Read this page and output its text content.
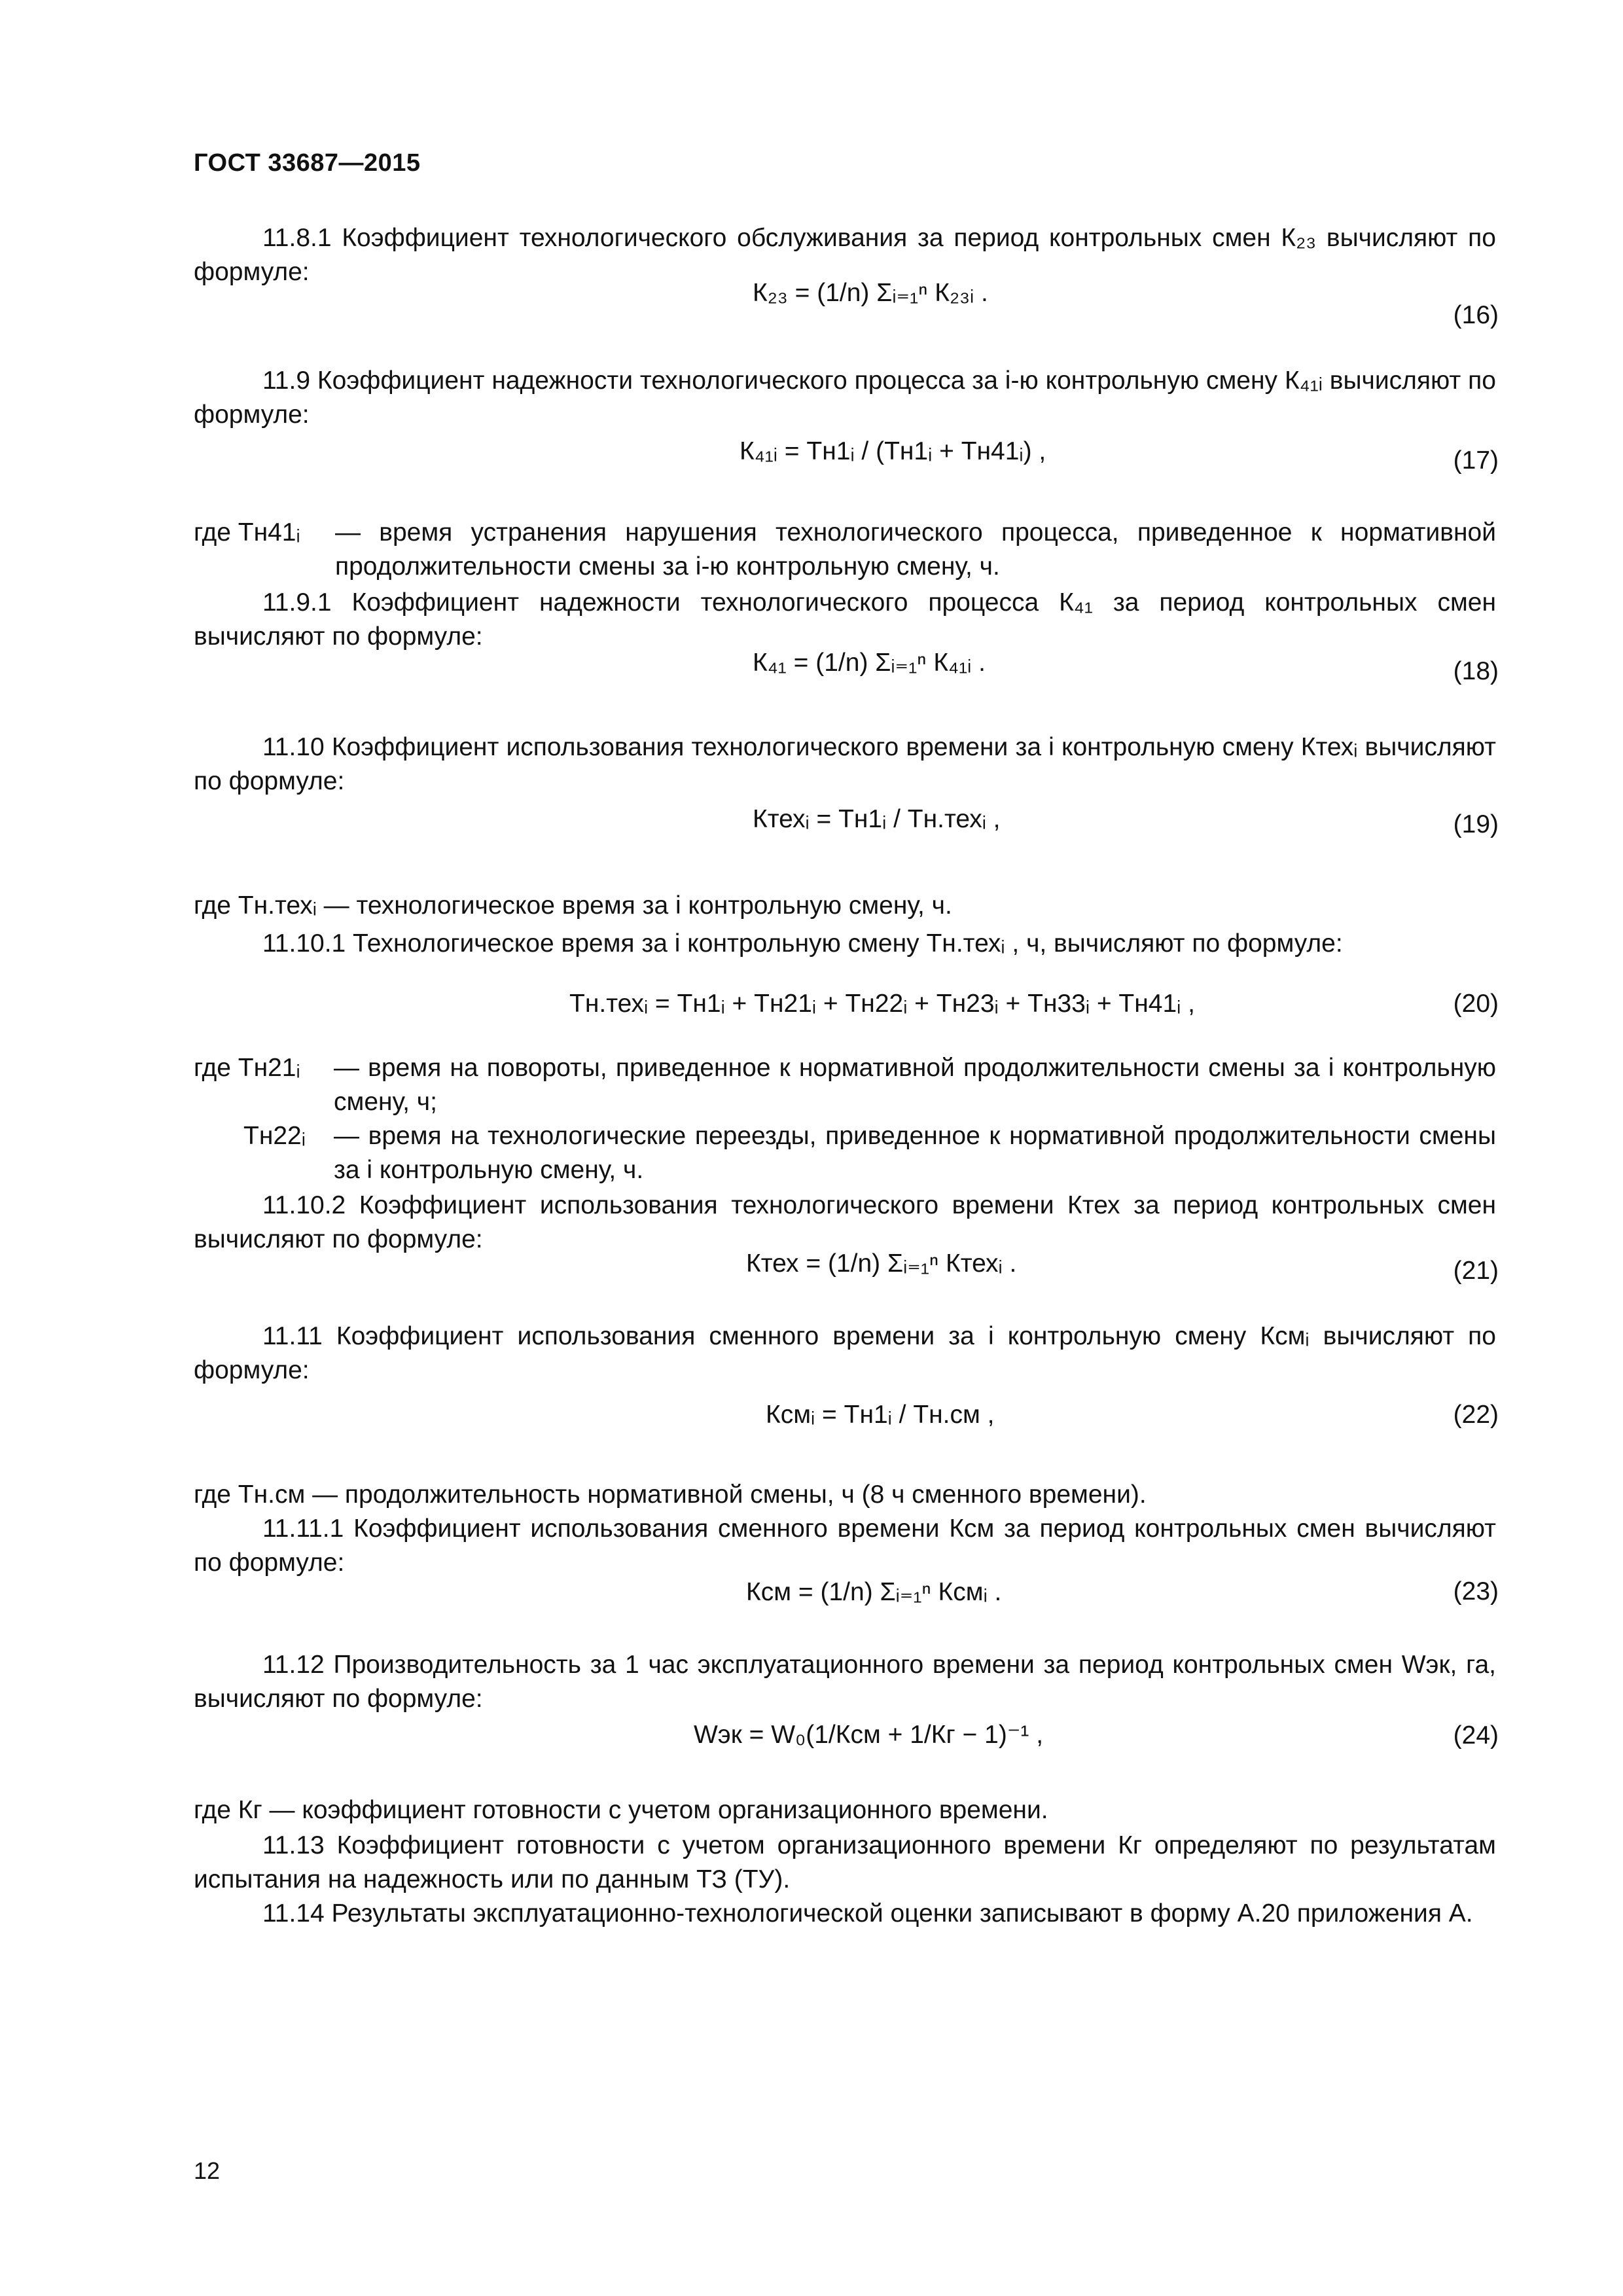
ГОСТ 33687—2015
11.8.1 Коэффициент технологического обслуживания за период контрольных смен К₂₃ вычисляют по формуле:
К₂₃ = (1/n) Σᵢ₌₁ⁿ К₂₃ᵢ .
(16)
11.9 Коэффициент надежности технологического процесса за i-ю контрольную смену К₄₁ᵢ вычисляют по формуле:
К₄₁ᵢ = Тн1ᵢ / (Тн1ᵢ + Тн41ᵢ) ,	(17)
где Тн41ᵢ — время устранения нарушения технологического процесса, приведенное к нормативной продолжительности смены за i-ю контрольную смену, ч.
11.9.1 Коэффициент надежности технологического процесса К₄₁ за период контрольных смен вычисляют по формуле:
К₄₁ = (1/n) Σᵢ₌₁ⁿ К₄₁ᵢ .	(18)
11.10 Коэффициент использования технологического времени за i контрольную смену Ктехᵢ вычисляют по формуле:
Ктехᵢ = Тн1ᵢ / Тн.техᵢ ,	(19)
где Тн.техᵢ — технологическое время за i контрольную смену, ч.
11.10.1 Технологическое время за i контрольную смену Тн.техᵢ , ч, вычисляют по формуле:
Тн.техᵢ = Тн1ᵢ + Тн21ᵢ + Тн22ᵢ + Тн23ᵢ + Тн33ᵢ + Тн41ᵢ ,	(20)
где Тн21ᵢ — время на повороты, приведенное к нормативной продолжительности смены за i контрольную смену, ч;
Тн22ᵢ — время на технологические переезды, приведенное к нормативной продолжительности смены за i контрольную смену, ч.
11.10.2 Коэффициент использования технологического времени Ктех за период контрольных смен вычисляют по формуле:
Ктех = (1/n) Σᵢ₌₁ⁿ Ктехᵢ .	(21)
11.11 Коэффициент использования сменного времени за i контрольную смену Ксмᵢ вычисляют по формуле:
Ксмᵢ = Тн1ᵢ / Тн.см ,	(22)
где Тн.см — продолжительность нормативной смены, ч (8 ч сменного времени).
11.11.1 Коэффициент использования сменного времени Ксм за период контрольных смен вычисляют по формуле:
Ксм = (1/n) Σᵢ₌₁ⁿ Ксмᵢ .	(23)
11.12 Производительность за 1 час эксплуатационного времени за период контрольных смен Wэк, га, вычисляют по формуле:
Wэк = W₀(1/Ксм + 1/Кг − 1)⁻¹ ,	(24)
где Кг — коэффициент готовности с учетом организационного времени.
11.13 Коэффициент готовности с учетом организационного времени Кг определяют по результатам испытания на надежность или по данным ТЗ (ТУ).
11.14 Результаты эксплуатационно-технологической оценки записывают в форму А.20 приложения А.
12
